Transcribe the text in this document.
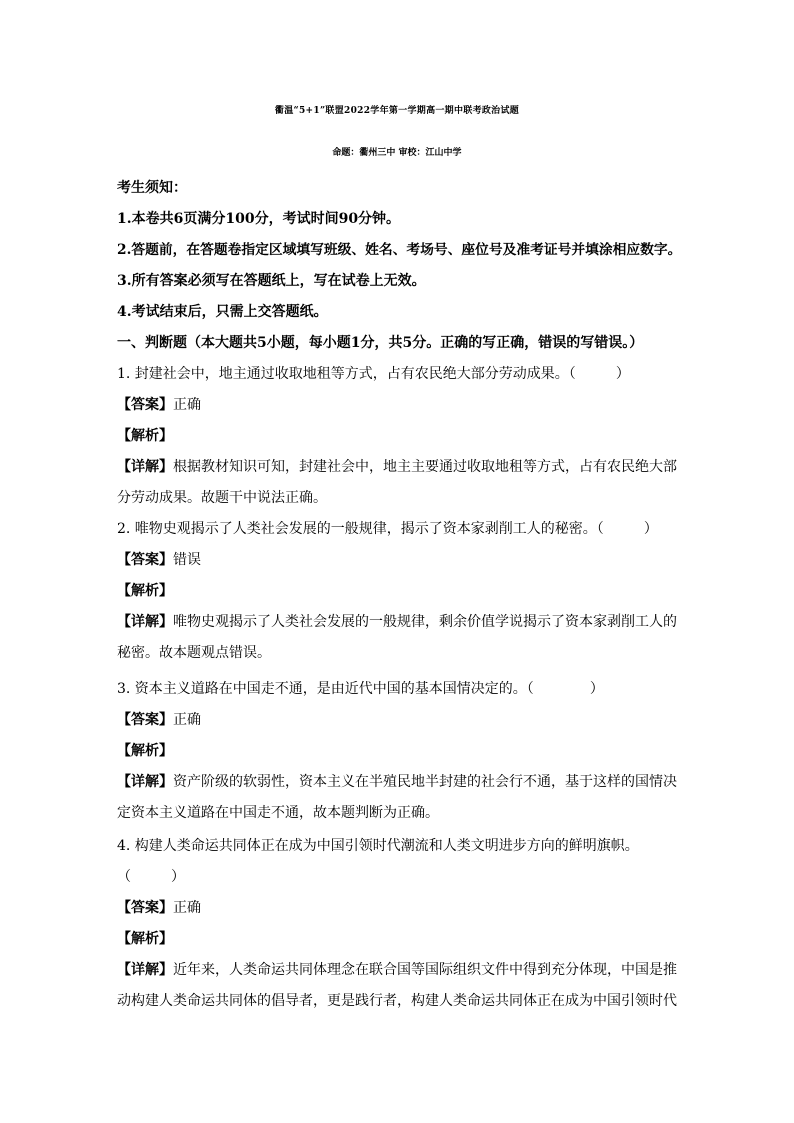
衢温“5+1”联盟2022学年第一学期高一期中联考政治试题
命题：衢州三中 审校：江山中学
考生须知：
1.本卷共6页满分100分，考试时间90分钟。
2.答题前，在答题卷指定区域填写班级、姓名、考场号、座位号及准考证号并填涂相应数字。
3.所有答案必须写在答题纸上，写在试卷上无效。
4.考试结束后，只需上交答题纸。
一、判断题（本大题共5小题，每小题1分，共5分。正确的写正确，错误的写错误。）
1. 封建社会中，地主通过收取地租等方式，占有农民绝大部分劳动成果。（	）
【答案】正确
【解析】
【详解】根据教材知识可知，封建社会中，地主主要通过收取地租等方式，占有农民绝大部
分劳动成果。故题干中说法正确。
2. 唯物史观揭示了人类社会发展的一般规律，揭示了资本家剥削工人的秘密。（	）
【答案】错误
【解析】
【详解】唯物史观揭示了人类社会发展的一般规律，剩余价值学说揭示了资本家剥削工人的
秘密。故本题观点错误。
3. 资本主义道路在中国走不通，是由近代中国的基本国情决定的。（	）
【答案】正确
【解析】
【详解】资产阶级的软弱性，资本主义在半殖民地半封建的社会行不通，基于这样的国情决
定资本主义道路在中国走不通，故本题判断为正确。
4. 构建人类命运共同体正在成为中国引领时代潮流和人类文明进步方向的鲜明旗帜。
（	）
【答案】正确
【解析】
【详解】近年来，人类命运共同体理念在联合国等国际组织文件中得到充分体现，中国是推
动构建人类命运共同体的倡导者，更是践行者，构建人类命运共同体正在成为中国引领时代
